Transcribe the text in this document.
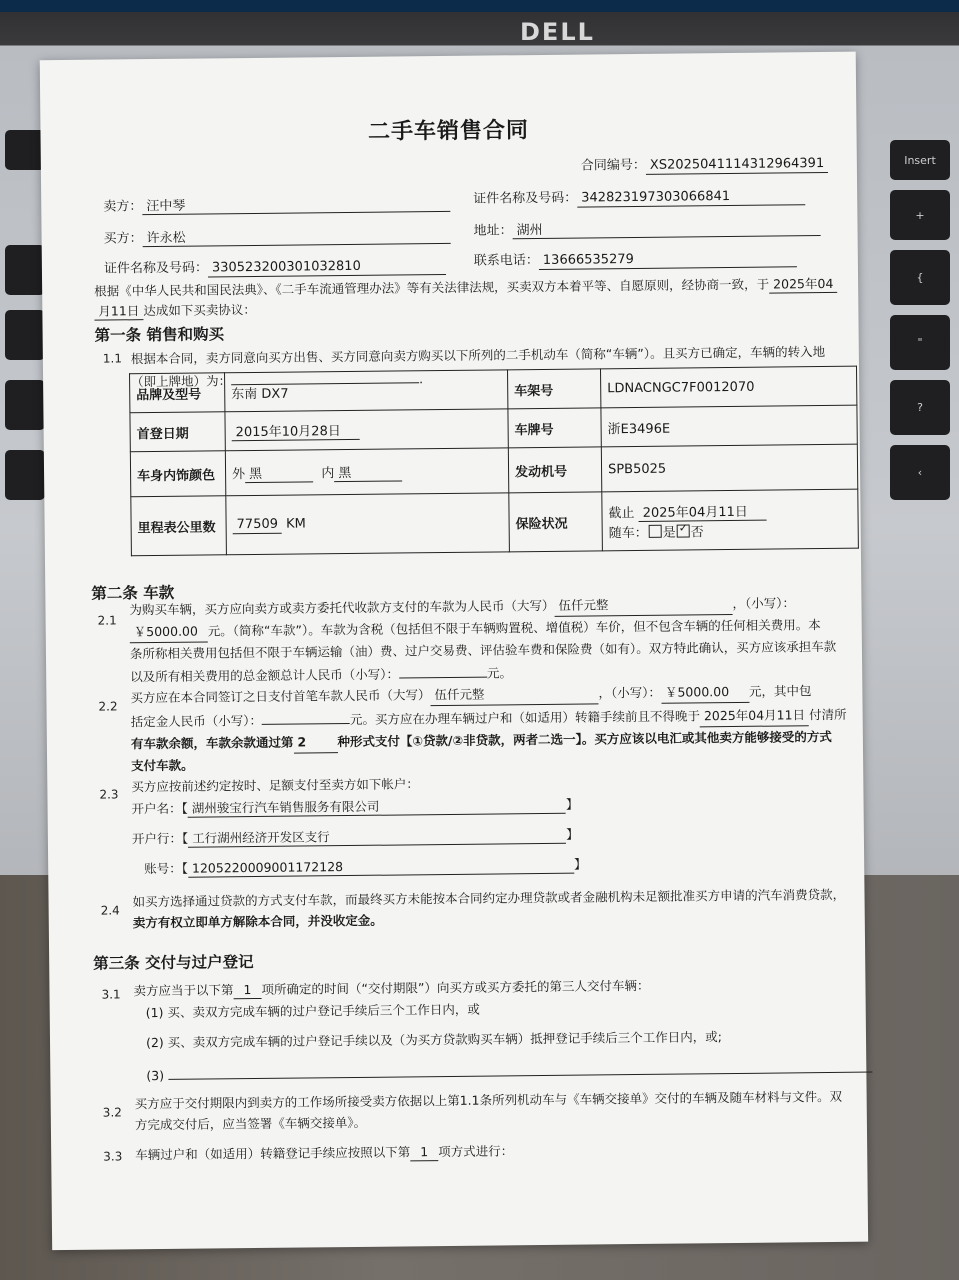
DELL
Insert
+
{
"
?
‹
二手车销售合同
合同编号： XS2025041114312964391
卖方： 汪中琴	证件名称及号码： 342823197303066841
买方： 许永松	地址： 湖州
证件名称及号码： 330523200301032810	联系电话： 13666535279
根据《中华人民共和国民法典》、《二手车流通管理办法》等有关法律法规，买卖双方本着平等、自愿原则，经协商一致，于 2025年04
月11日 达成如下买卖协议：
第一条 销售和购买
1.1 根据本合同，卖方同意向买方出售、买方同意向卖方购买以下所列的二手机动车（简称“车辆”）。且买方已确定，车辆的转入地
（即上牌地）为：	.
品牌及型号	东南 DX7	车架号	LDNACNGC7F0012070
首登日期	2015年10月28日	车牌号	浙E3496E
车身内饰颜色	外 黑 内 黑	发动机号	SPB5025
里程表公里数	77509 KM	保险状况	截止 2025年04月11日
随车： 是 ✓ 否
第二条 车款
2.1
为购买车辆，买方应向卖方或卖方委托代收款方支付的车款为人民币（大写） 伍仟元整	，（小写）：
￥5000.00 元。（简称“车款”）。车款为含税（包括但不限于车辆购置税、增值税）车价，但不包含车辆的任何相关费用。本
条所称相关费用包括但不限于车辆运输（油）费、过户交易费、评估验车费和保险费（如有）。双方特此确认，买方应该承担车款
以及所有相关费用的总金额总计人民币（小写）：	元。
2.2
买方应在本合同签订之日支付首笔车款人民币（大写） 伍仟元整	，（小写）： ￥5000.00 元，其中包
括定金人民币（小写）：	元。买方应在办理车辆过户和（如适用）转籍手续前且不得晚于 2025年04月11日 付清所
有车款余额，车款余款通过第 2 种形式支付【①贷款/②非贷款，两者二选一】。买方应该以电汇或其他卖方能够接受的方式
支付车款。
2.3
买方应按前述约定按时、足额支付至卖方如下帐户：
开户名：【 湖州骏宝行汽车销售服务有限公司	】
开户行：【 工行湖州经济开发区支行	】
账号：【 1205220009001172128	】
2.4
如买方选择通过贷款的方式支付车款，而最终买方未能按本合同约定办理贷款或者金融机构未足额批准买方申请的汽车消费贷款，
卖方有权立即单方解除本合同，并没收定金。
第三条 交付与过户登记
3.1 卖方应当于以下第 1 项所确定的时间（“交付期限”）向买方或买方委托的第三人交付车辆：
(1) 买、卖双方完成车辆的过户登记手续后三个工作日内，或
(2) 买、卖双方完成车辆的过户登记手续以及（为买方贷款购买车辆）抵押登记手续后三个工作日内，或;
(3)
3.2
买方应于交付期限内到卖方的工作场所接受卖方依据以上第1.1条所列机动车与《车辆交接单》交付的车辆及随车材料与文件。双
方完成交付后，应当签署《车辆交接单》。
3.3 车辆过户和（如适用）转籍登记手续应按照以下第 1 项方式进行：
